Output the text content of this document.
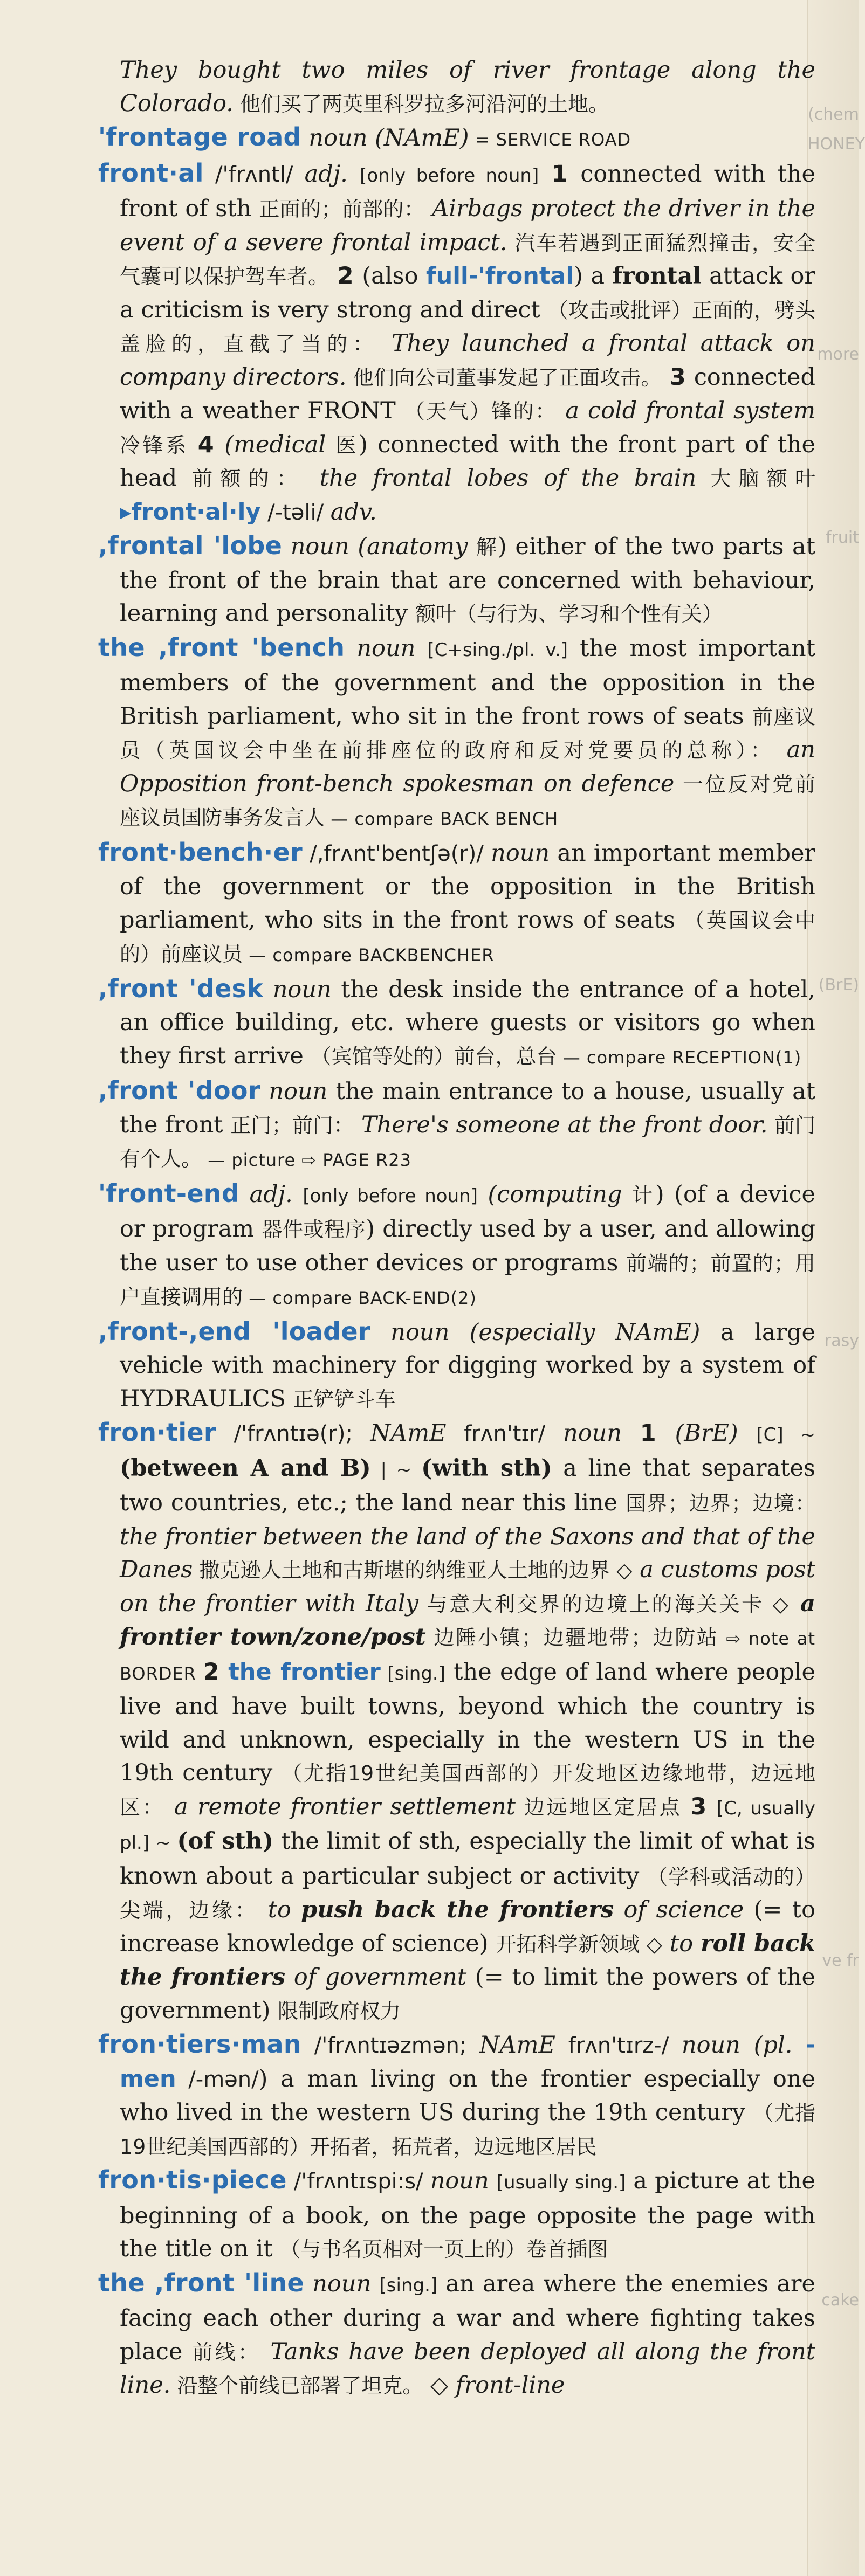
(chem
HONEY
more
fruit
(BrE)
rasy
ve fr
cake

They bought two miles of river frontage along the Colorado. 他们买了两英里科罗拉多河沿河的土地。

'frontage road noun (NAmE) = SERVICE ROAD

front·al /'frʌntl/ adj. [only before noun] 1 connected with the front of sth 正面的；前部的： Airbags protect the driver in the event of a severe frontal impact. 汽车若遇到正面猛烈撞击，安全气囊可以保护驾车者。 2 (also full-'frontal) a frontal attack or a criticism is very strong and direct （攻击或批评）正面的，劈头盖脸的，直截了当的： They launched a frontal attack on company directors. 他们向公司董事发起了正面攻击。 3 connected with a weather FRONT （天气）锋的： a cold frontal system 冷锋系 4 (medical 医) connected with the front part of the head 前额的： the frontal lobes of the brain 大脑额叶 ▸front·al·ly /-təli/ adv.

,frontal 'lobe noun (anatomy 解) either of the two parts at the front of the brain that are concerned with behaviour, learning and personality 额叶（与行为、学习和个性有关）

the ,front 'bench noun [C+sing./pl. v.] the most important members of the government and the opposition in the British parliament, who sit in the front rows of seats 前座议员（英国议会中坐在前排座位的政府和反对党要员的总称）： an Opposition front-bench spokesman on defence 一位反对党前座议员国防事务发言人 — compare BACK BENCH

front·bench·er /,frʌnt'bentʃə(r)/ noun an important member of the government or the opposition in the British parliament, who sits in the front rows of seats （英国议会中的）前座议员 — compare BACKBENCHER

,front 'desk noun the desk inside the entrance of a hotel, an office building, etc. where guests or visitors go when they first arrive （宾馆等处的）前台，总台 — compare RECEPTION(1)

,front 'door noun the main entrance to a house, usually at the front 正门；前门： There's someone at the front door. 前门有个人。 — picture ⇨ PAGE R23

'front-end adj. [only before noun] (computing 计) (of a device or program 器件或程序) directly used by a user, and allowing the user to use other devices or programs 前端的；前置的；用户直接调用的 — compare BACK-END(2)

,front-,end 'loader noun (especially NAmE) a large vehicle with machinery for digging worked by a system of HYDRAULICS 正铲铲斗车

fron·tier /'frʌntɪə(r); NAmE frʌn'tɪr/ noun 1 (BrE) [C] ~ (between A and B) | ~ (with sth) a line that separates two countries, etc.; the land near this line 国界；边界；边境： the frontier between the land of the Saxons and that of the Danes 撒克逊人土地和古斯堪的纳维亚人土地的边界 ◇ a customs post on the frontier with Italy 与意大利交界的边境上的海关关卡 ◇ a frontier town/zone/post 边陲小镇；边疆地带；边防站 ⇨ note at BORDER 2 the frontier [sing.] the edge of land where people live and have built towns, beyond which the country is wild and unknown, especially in the western US in the 19th century （尤指19世纪美国西部的）开发地区边缘地带，边远地区： a remote frontier settlement 边远地区定居点 3 [C, usually pl.] ~ (of sth) the limit of sth, especially the limit of what is known about a particular subject or activity （学科或活动的）尖端，边缘： to push back the frontiers of science (= to increase knowledge of science) 开拓科学新领域 ◇ to roll back the frontiers of government (= to limit the powers of the government) 限制政府权力

fron·tiers·man /'frʌntɪəzmən; NAmE frʌn'tɪrz-/ noun (pl. -men /-mən/) a man living on the frontier especially one who lived in the western US during the 19th century （尤指19世纪美国西部的）开拓者，拓荒者，边远地区居民

fron·tis·piece /'frʌntɪspi:s/ noun [usually sing.] a picture at the beginning of a book, on the page opposite the page with the title on it （与书名页相对一页上的）卷首插图

the ,front 'line noun [sing.] an area where the enemies are facing each other during a war and where fighting takes place 前线： Tanks have been deployed all along the front line. 沿整个前线已部署了坦克。 ◇ front-line
